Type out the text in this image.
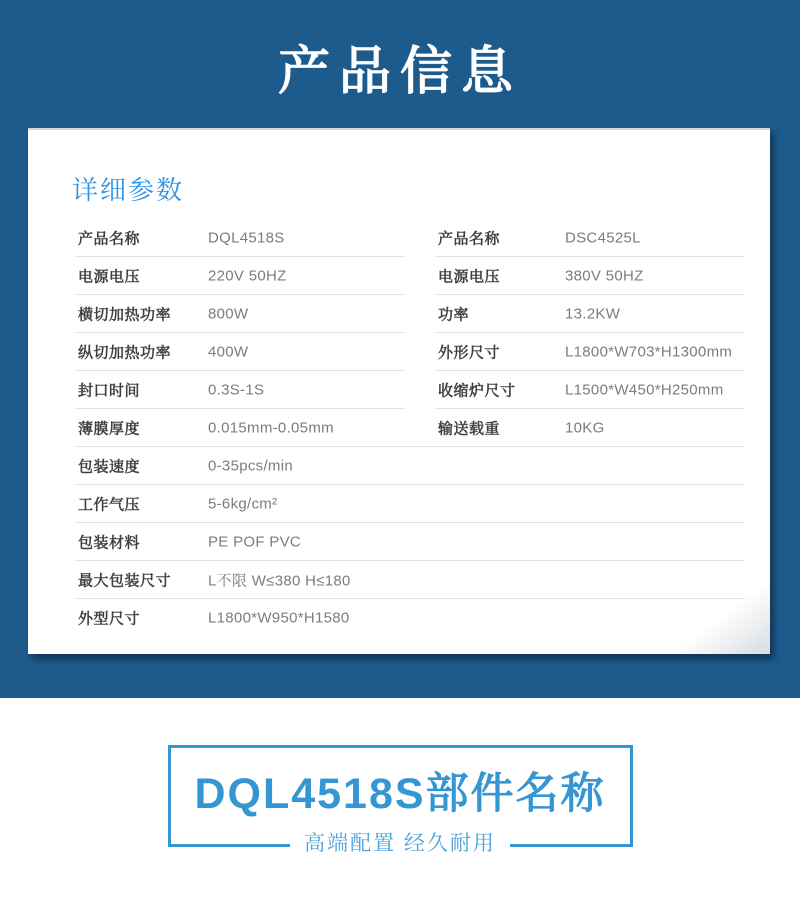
产品信息
详细参数
产品名称	DQL4518S
电源电压	220V 50HZ
横切加热功率 800W
纵切加热功率 400W
封口时间	0.3S-1S
薄膜厚度	0.015mm-0.05mm
包装速度	0-35pcs/min
工作气压	5-6kg/cm²
包装材料	PE POF PVC
最大包装尺寸 L不限 W≤380 H≤180
外型尺寸	L1800*W950*H1580
产品名称	DSC4525L
电源电压	380V 50HZ
功率	13.2KW
外形尺寸	L1800*W703*H1300mm
收缩炉尺寸	L1500*W450*H250mm
输送载重	10KG
DQL4518S部件名称
高端配置 经久耐用
